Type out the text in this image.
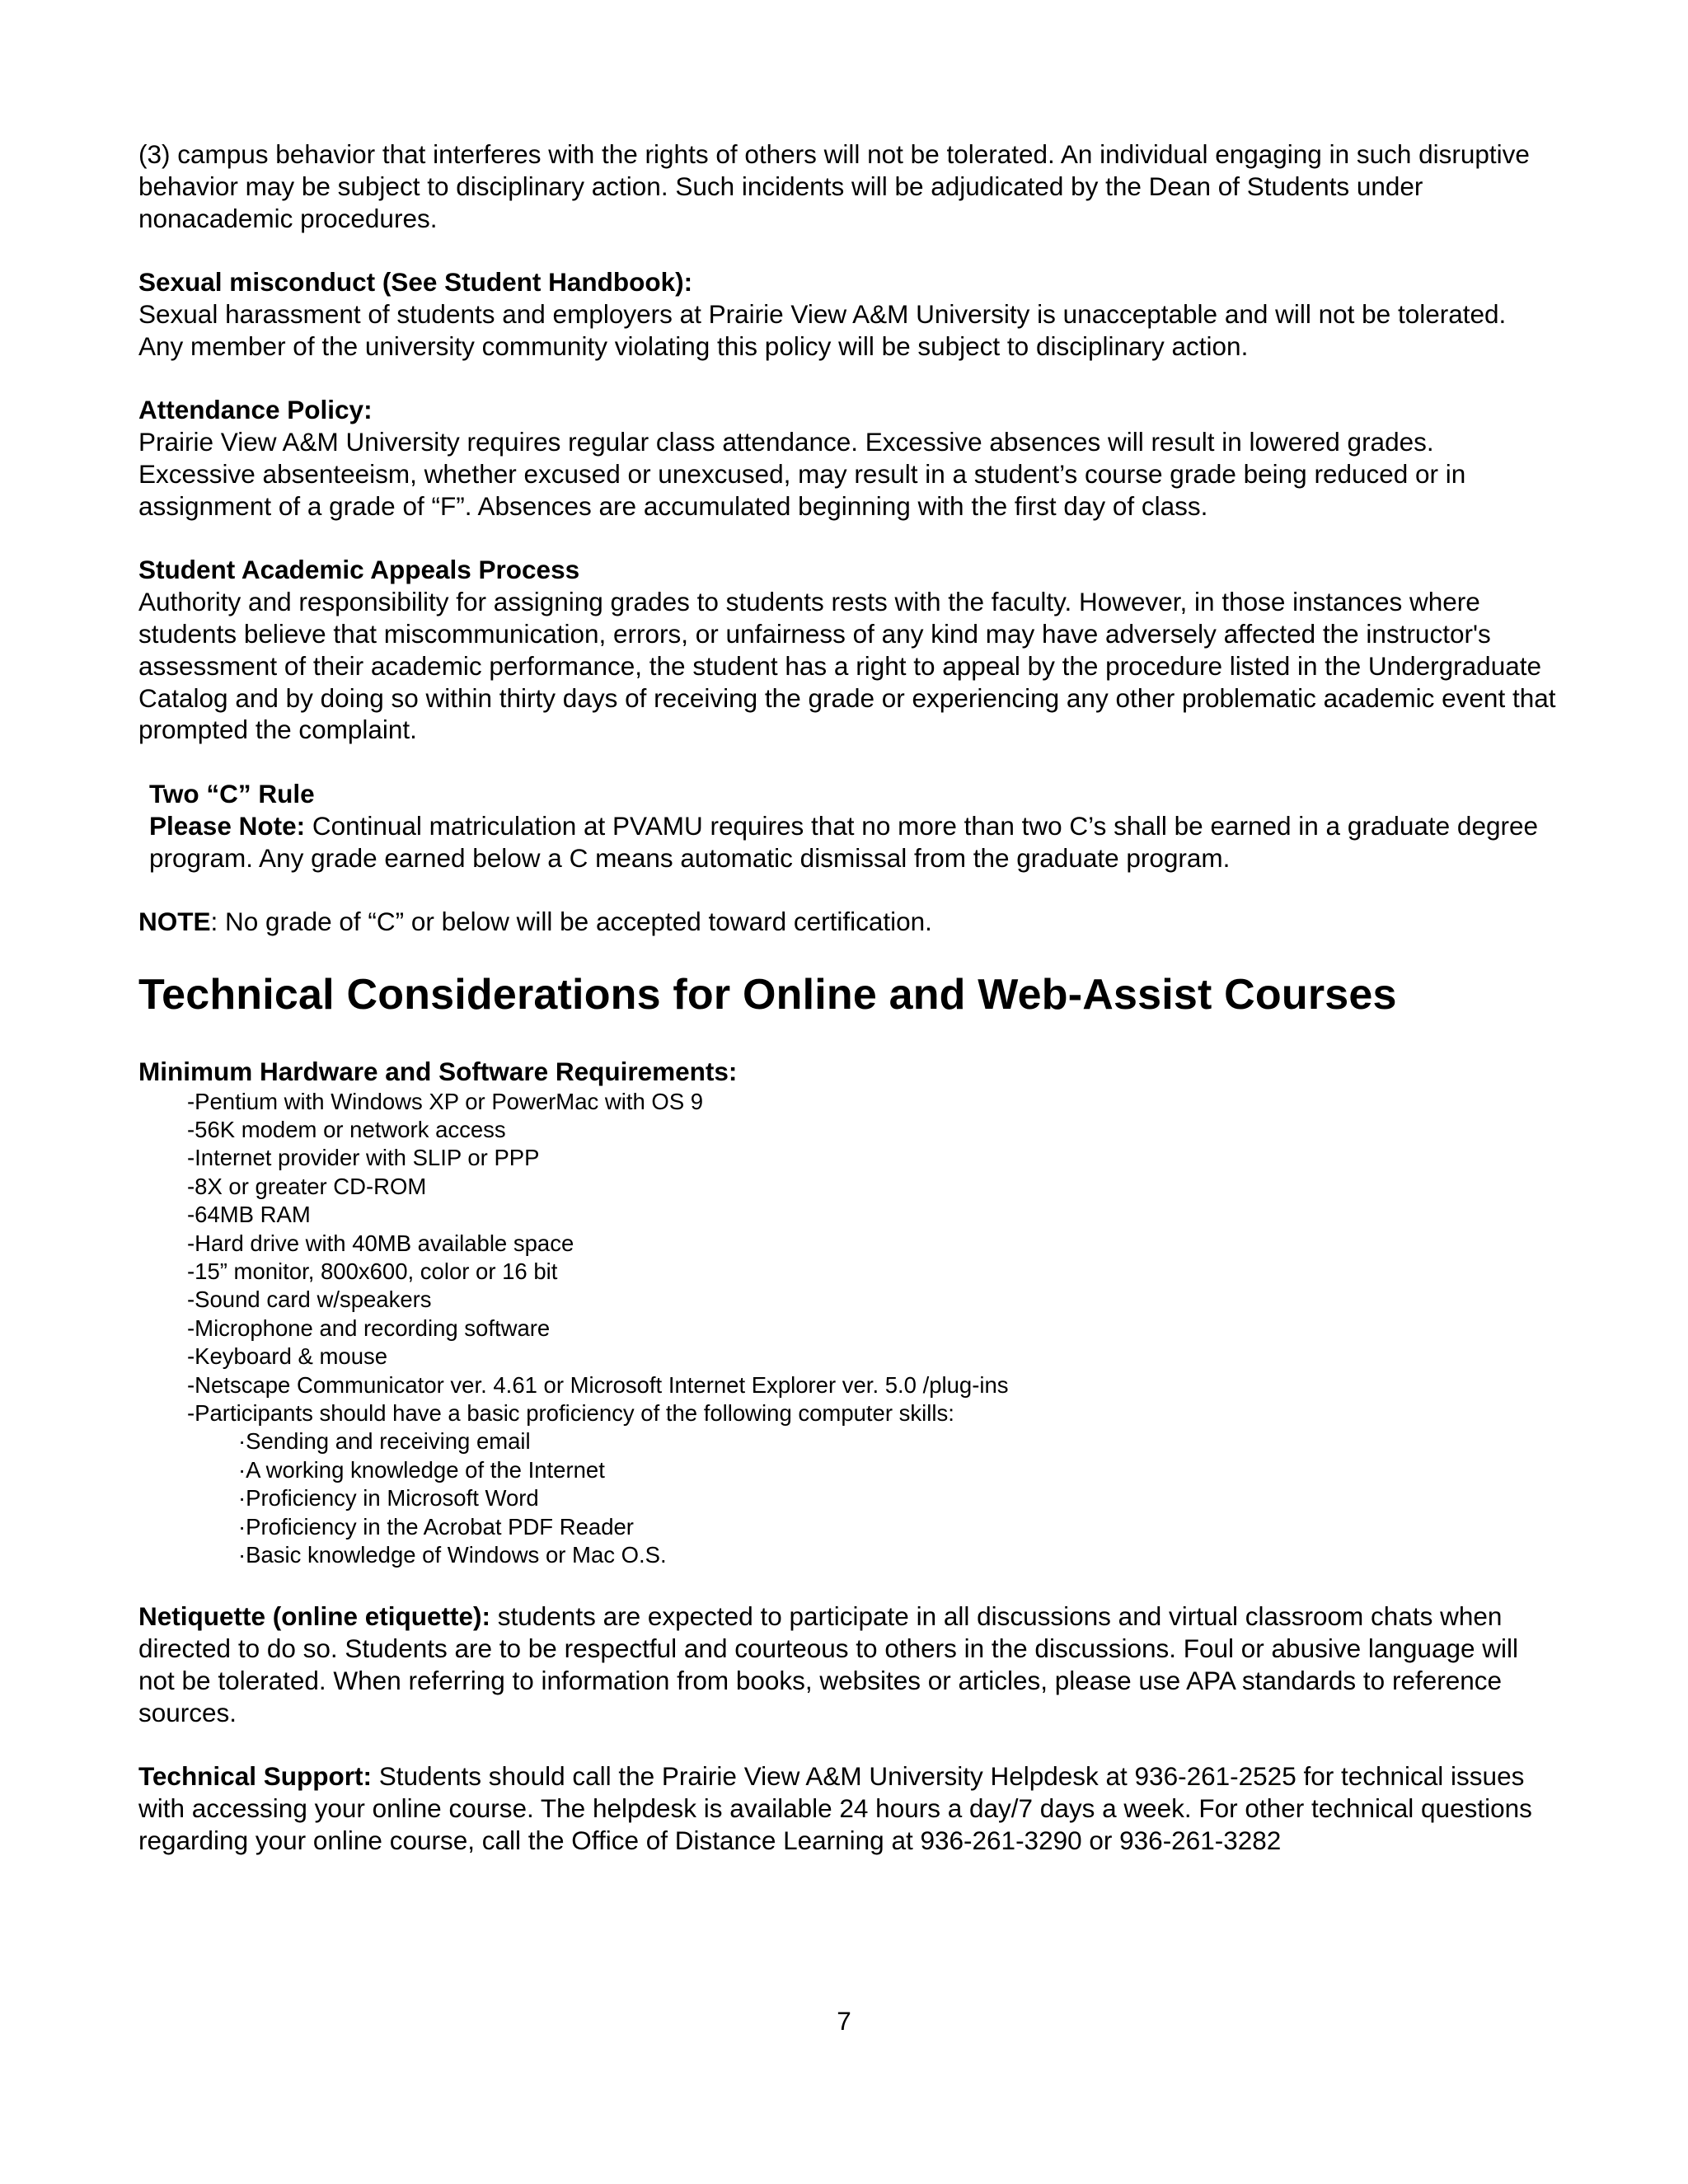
(3) campus behavior that interferes with the rights of others will not be tolerated. An individual engaging in such disruptive behavior may be subject to disciplinary action. Such incidents will be adjudicated by the Dean of Students under nonacademic procedures.

Sexual misconduct (See Student Handbook):

Sexual harassment of students and employers at Prairie View A&M University is unacceptable and will not be tolerated. Any member of the university community violating this policy will be subject to disciplinary action.

Attendance Policy:

Prairie View A&M University requires regular class attendance. Excessive absences will result in lowered grades. Excessive absenteeism, whether excused or unexcused, may result in a student’s course grade being reduced or in assignment of a grade of “F”. Absences are accumulated beginning with the first day of class.

Student Academic Appeals Process

Authority and responsibility for assigning grades to students rests with the faculty. However, in those instances where students believe that miscommunication, errors, or unfairness of any kind may have adversely affected the instructor's assessment of their academic performance, the student has a right to appeal by the procedure listed in the Undergraduate Catalog and by doing so within thirty days of receiving the grade or experiencing any other problematic academic event that prompted the complaint.

Two “C” Rule

Please Note: Continual matriculation at PVAMU requires that no more than two C’s shall be earned in a graduate degree program. Any grade earned below a C means automatic dismissal from the graduate program.

NOTE: No grade of “C” or below will be accepted toward certification.

Technical Considerations for Online and Web-Assist Courses

Minimum Hardware and Software Requirements:

-Pentium with Windows XP or PowerMac with OS 9
-56K modem or network access
-Internet provider with SLIP or PPP
-8X or greater CD-ROM
-64MB RAM
-Hard drive with 40MB available space
-15” monitor, 800x600, color or 16 bit
-Sound card w/speakers
-Microphone and recording software
-Keyboard & mouse
-Netscape Communicator ver. 4.61 or Microsoft Internet Explorer ver. 5.0 /plug-ins
-Participants should have a basic proficiency of the following computer skills:
·Sending and receiving email
·A working knowledge of the Internet
·Proficiency in Microsoft Word
·Proficiency in the Acrobat PDF Reader
·Basic knowledge of Windows or Mac O.S.

Netiquette (online etiquette): students are expected to participate in all discussions and virtual classroom chats when directed to do so. Students are to be respectful and courteous to others in the discussions. Foul or abusive language will not be tolerated. When referring to information from books, websites or articles, please use APA standards to reference sources.

Technical Support: Students should call the Prairie View A&M University Helpdesk at 936-261-2525 for technical issues with accessing your online course. The helpdesk is available 24 hours a day/7 days a week. For other technical questions regarding your online course, call the Office of Distance Learning at 936-261-3290 or 936-261-3282

7
